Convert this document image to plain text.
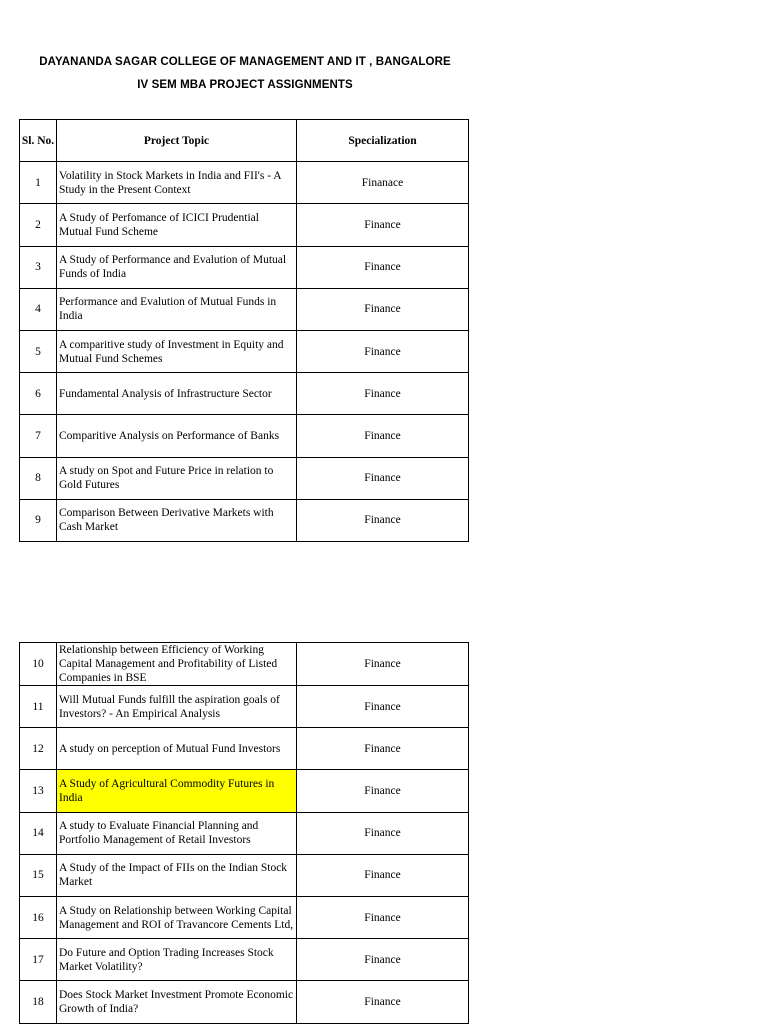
DAYANANDA SAGAR COLLEGE OF MANAGEMENT AND IT , BANGALORE
IV SEM MBA PROJECT ASSIGNMENTS
Sl. No.	Project Topic	Specialization
1	Volatility in Stock Markets in India and FII's - A Study in the Present Context	Finanace
2	A Study of Perfomance of ICICI Prudential Mutual Fund Scheme	Finance
3	A Study of Performance and Evalution of Mutual Funds of India	Finance
4	Performance and Evalution of Mutual Funds in India	Finance
5	A comparitive study of Investment in Equity and Mutual Fund Schemes	Finance
6	Fundamental Analysis of Infrastructure Sector	Finance
7	Comparitive Analysis on Performance of Banks	Finance
8	A study on Spot and Future Price in relation to Gold Futures	Finance
9	Comparison Between Derivative Markets with Cash Market	Finance
10	Relationship between Efficiency of Working Capital Management and Profitability of Listed Companies in BSE	Finance
11	Will Mutual Funds fulfill the aspiration goals of Investors? - An Empirical Analysis	Finance
12	A study on perception of Mutual Fund Investors	Finance
13	A Study of Agricultural Commodity Futures in India	Finance
14	A study to Evaluate Financial Planning and Portfolio Management of Retail Investors	Finance
15	A Study of the Impact of FIIs on the Indian Stock Market	Finance
16	A Study on Relationship between Working Capital Management and ROI of Travancore Cements Ltd,	Finance
17	Do Future and Option Trading Increases Stock Market Volatility?	Finance
18	Does Stock Market Investment Promote Economic Growth of India?	Finance
